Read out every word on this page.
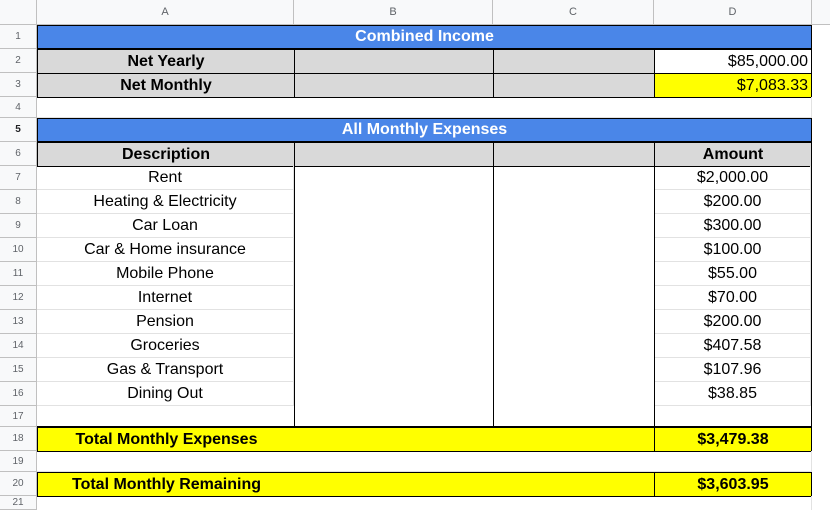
A	B	C	D
1
2
3
4
5
6
7
8
9
10
11
12
13
14
15
16
17
18
19
20
21
Combined Income
Net Yearly	$85,000.00
Net Monthly	$7,083.33
All Monthly Expenses
Description	Amount
Rent	$2,000.00
Heating & Electricity	$200.00
Car Loan	$300.00
Car & Home insurance	$100.00
Mobile Phone	$55.00
Internet	$70.00
Pension	$200.00
Groceries	$407.58
Gas & Transport	$107.96
Dining Out	$38.85
Total Monthly Expenses	$3,479.38
Total Monthly Remaining	$3,603.95
